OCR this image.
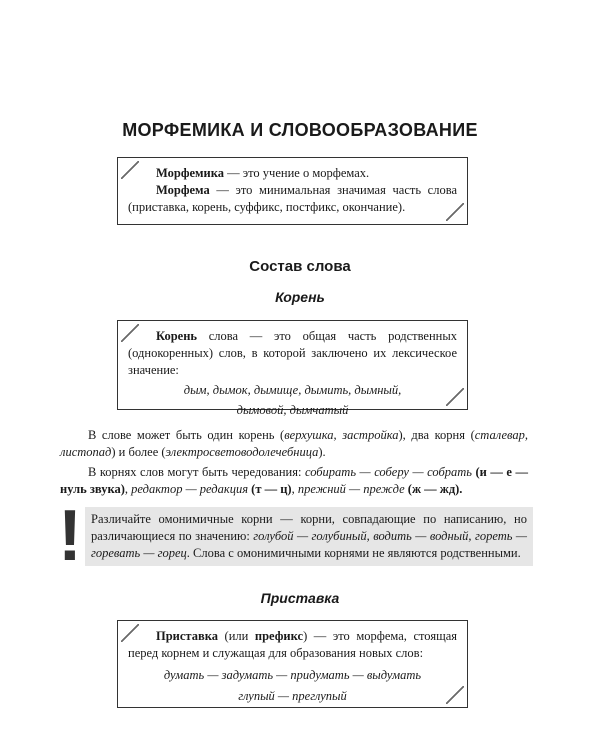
МОРФЕМИКА И СЛОВООБРАЗОВАНИЕ
Морфемика — это учение о морфемах.
Морфема — это минимальная значимая часть слова (приставка, корень, суффикс, постфикс, окончание).
Состав слова
Корень
Корень слова — это общая часть родственных (однокоренных) слов, в которой заключено их лексическое значение:
дым, дымок, дымище, дымить, дымный,
дымовой, дымчатый
В слове может быть один корень (верхушка, застройка), два корня (сталевар, листопад) и более (электросветоводолечебница).
В корнях слов могут быть чередования: собирать — соберу — собрать (и — е — нуль звука), редактор — редакция (т — ц), прежний — прежде (ж — жд).
! Различайте омонимичные корни — корни, совпадающие по написанию, но различающиеся по значению: голубой — голубиный, водить — водный, гореть — горевать — горец. Слова с омонимичными корнями не являются родственными.
Приставка
Приставка (или префикс) — это морфема, стоящая перед корнем и служащая для образования новых слов:
думать — задумать — придумать — выдумать
глупый — преглупый
